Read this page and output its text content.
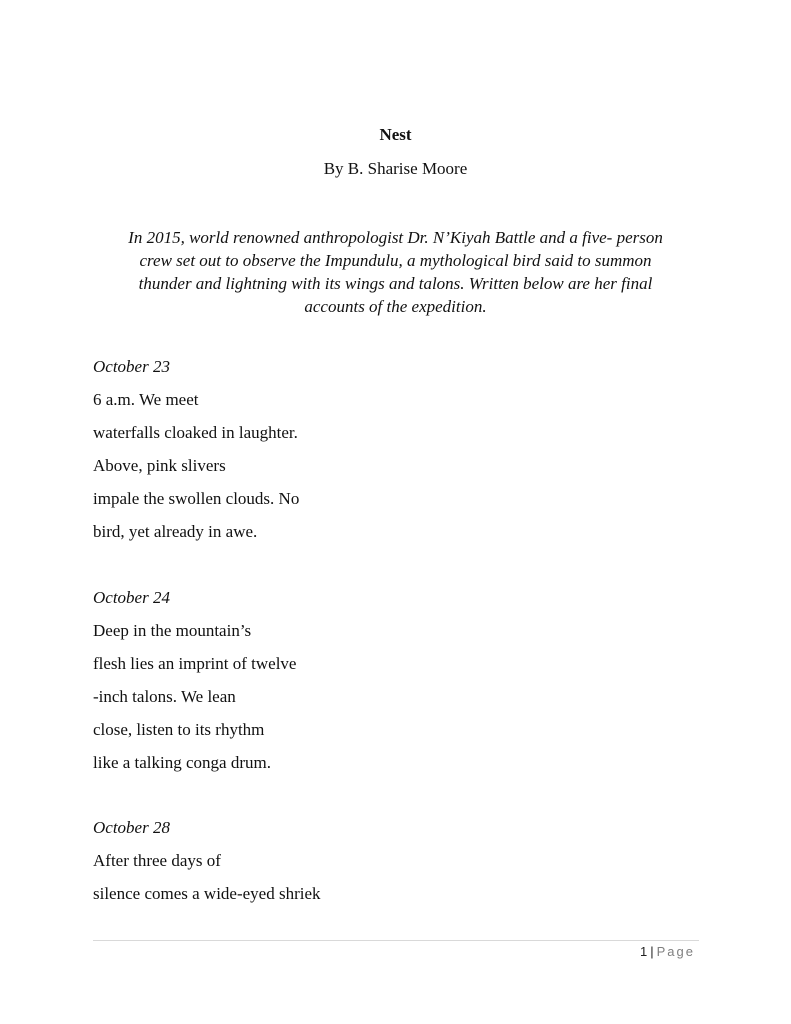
Nest
By B. Sharise Moore
In 2015, world renowned anthropologist Dr. N’Kiyah Battle and a five- person
crew set out to observe the Impundulu, a mythological bird said to summon
thunder and lightning with its wings and talons. Written below are her final
accounts of the expedition.
October 23
6 a.m. We meet
waterfalls cloaked in laughter.
Above, pink slivers
impale the swollen clouds. No
bird, yet already in awe.
October 24
Deep in the mountain’s
flesh lies an imprint of twelve
-inch talons. We lean
close, listen to its rhythm
like a talking conga drum.
October 28
After three days of
silence comes a wide-eyed shriek
1 | Page
